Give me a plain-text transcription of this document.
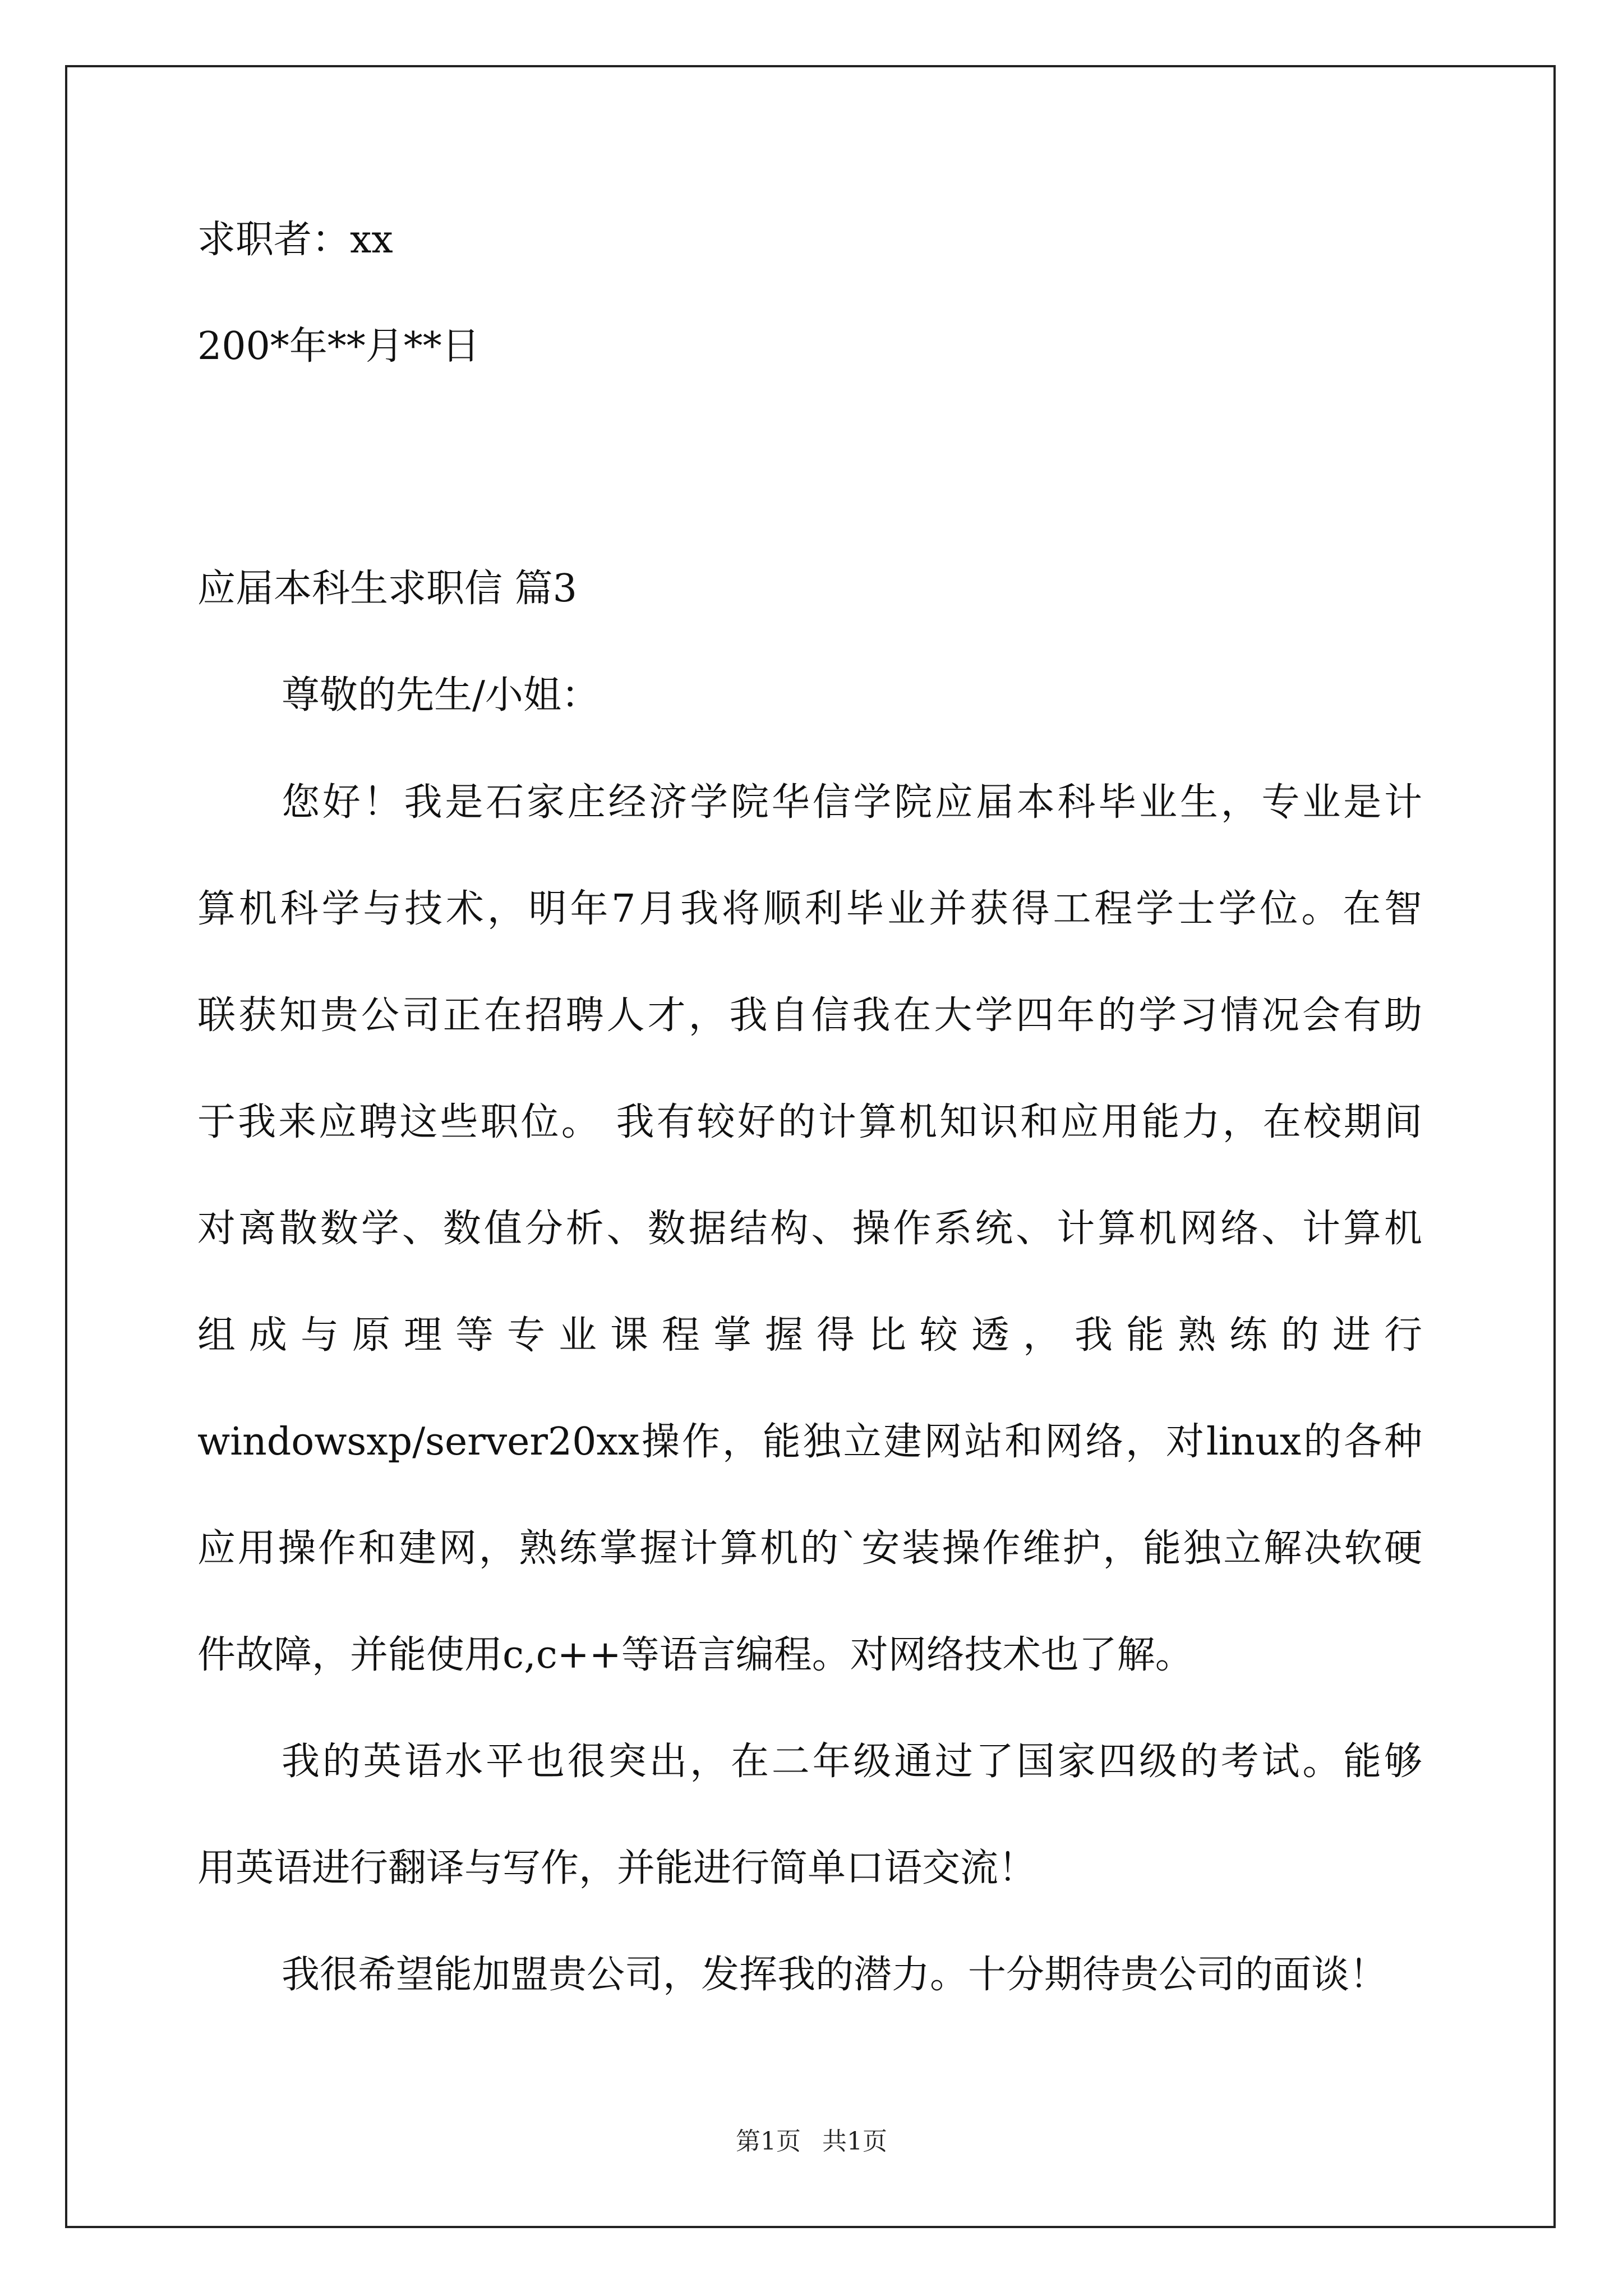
求职者：xx

200*年**月**日

应届本科生求职信 篇3

尊敬的先生/小姐：

您好！我是石家庄经济学院华信学院应届本科毕业生，专业是计
算机科学与技术，明年7月我将顺利毕业并获得工程学士学位。在智
联获知贵公司正在招聘人才，我自信我在大学四年的学习情况会有助
于我来应聘这些职位。 我有较好的计算机知识和应用能力，在校期间
对离散数学、数值分析、数据结构、操作系统、计算机网络、计算机
组 成 与 原 理 等 专 业 课 程 掌 握 得 比 较 透 ， 我 能 熟 练 的 进 行
windowsxp/server20xx操作，能独立建网站和网络，对linux的各种
应用操作和建网，熟练掌握计算机的`安装操作维护，能独立解决软硬
件故障，并能使用c,c++等语言编程。对网络技术也了解。
我的英语水平也很突出，在二年级通过了国家四级的考试。能够
用英语进行翻译与写作，并能进行简单口语交流！
我很希望能加盟贵公司，发挥我的潜力。十分期待贵公司的面谈！
第1页 共1页
